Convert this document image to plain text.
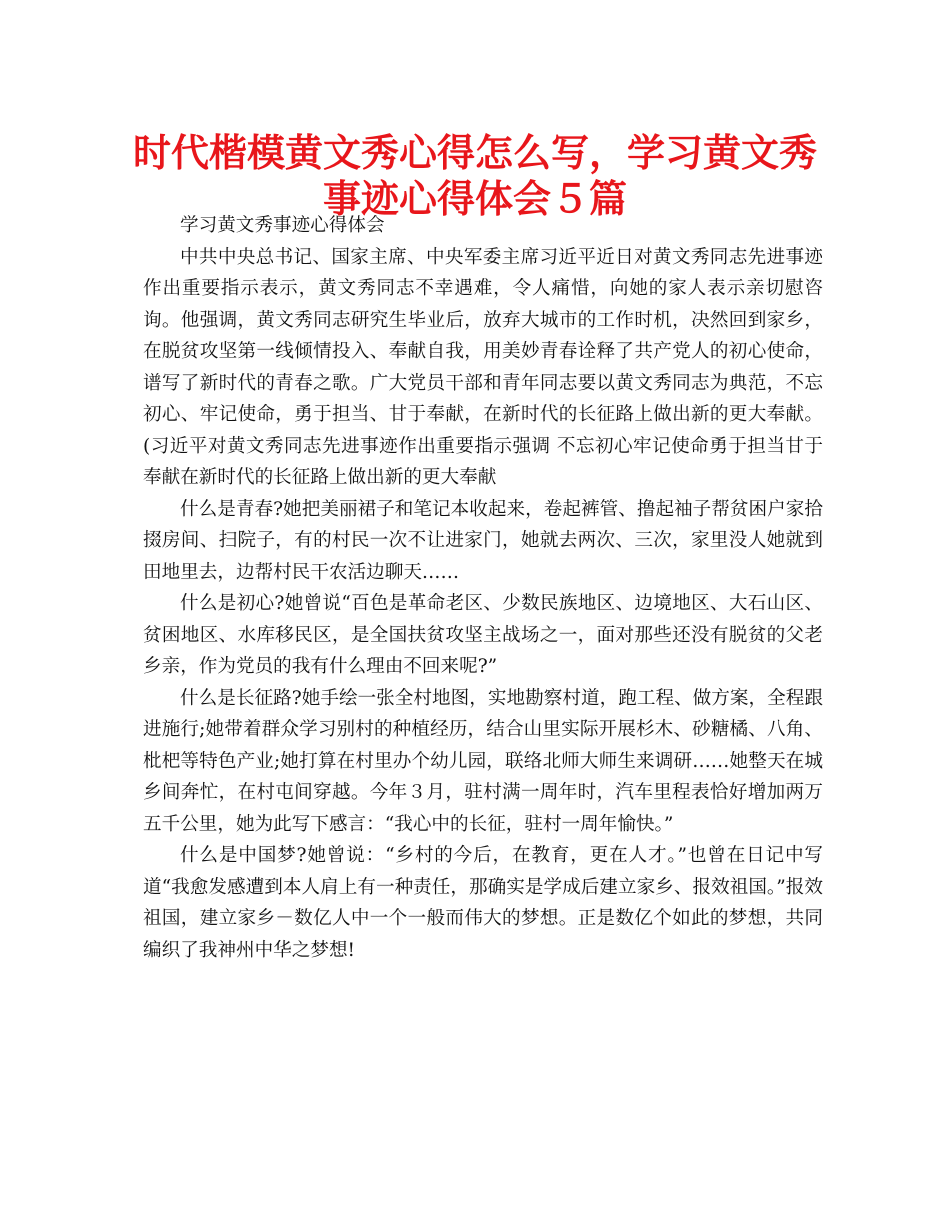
时代楷模黄文秀心得怎么写，学习黄文秀
事迹心得体会５篇

学习黄文秀事迹心得体会

中共中央总书记、国家主席、中央军委主席习近平近日对黄文秀同志先进事迹作出重要指示表示，黄文秀同志不幸遇难，令人痛惜，向她的家人表示亲切慰咨询。他强调，黄文秀同志研究生毕业后，放弃大城市的工作时机，决然回到家乡，在脱贫攻坚第一线倾情投入、奉献自我，用美妙青春诠释了共产党人的初心使命，谱写了新时代的青春之歌。广大党员干部和青年同志要以黄文秀同志为典范，不忘初心、牢记使命，勇于担当、甘于奉献，在新时代的长征路上做出新的更大奉献。(习近平对黄文秀同志先进事迹作出重要指示强调 不忘初心牢记使命勇于担当甘于奉献在新时代的长征路上做出新的更大奉献

什么是青春?她把美丽裙子和笔记本收起来，卷起裤管、撸起袖子帮贫困户家拾掇房间、扫院子，有的村民一次不让进家门，她就去两次、三次，家里没人她就到田地里去，边帮村民干农活边聊天……

什么是初心?她曾说“百色是革命老区、少数民族地区、边境地区、大石山区、贫困地区、水库移民区，是全国扶贫攻坚主战场之一，面对那些还没有脱贫的父老乡亲，作为党员的我有什么理由不回来呢?”

什么是长征路?她手绘一张全村地图，实地勘察村道，跑工程、做方案，全程跟进施行;她带着群众学习别村的种植经历，结合山里实际开展杉木、砂糖橘、八角、枇杷等特色产业;她打算在村里办个幼儿园，联络北师大师生来调研……她整天在城乡间奔忙，在村屯间穿越。今年３月，驻村满一周年时，汽车里程表恰好增加两万五千公里，她为此写下感言：“我心中的长征，驻村一周年愉快。”

什么是中国梦?她曾说：“乡村的今后，在教育，更在人才。”也曾在日记中写道“我愈发感遭到本人肩上有一种责任，那确实是学成后建立家乡、报效祖国。”报效祖国，建立家乡－数亿人中一个一般而伟大的梦想。正是数亿个如此的梦想，共同编织了我神州中华之梦想!
